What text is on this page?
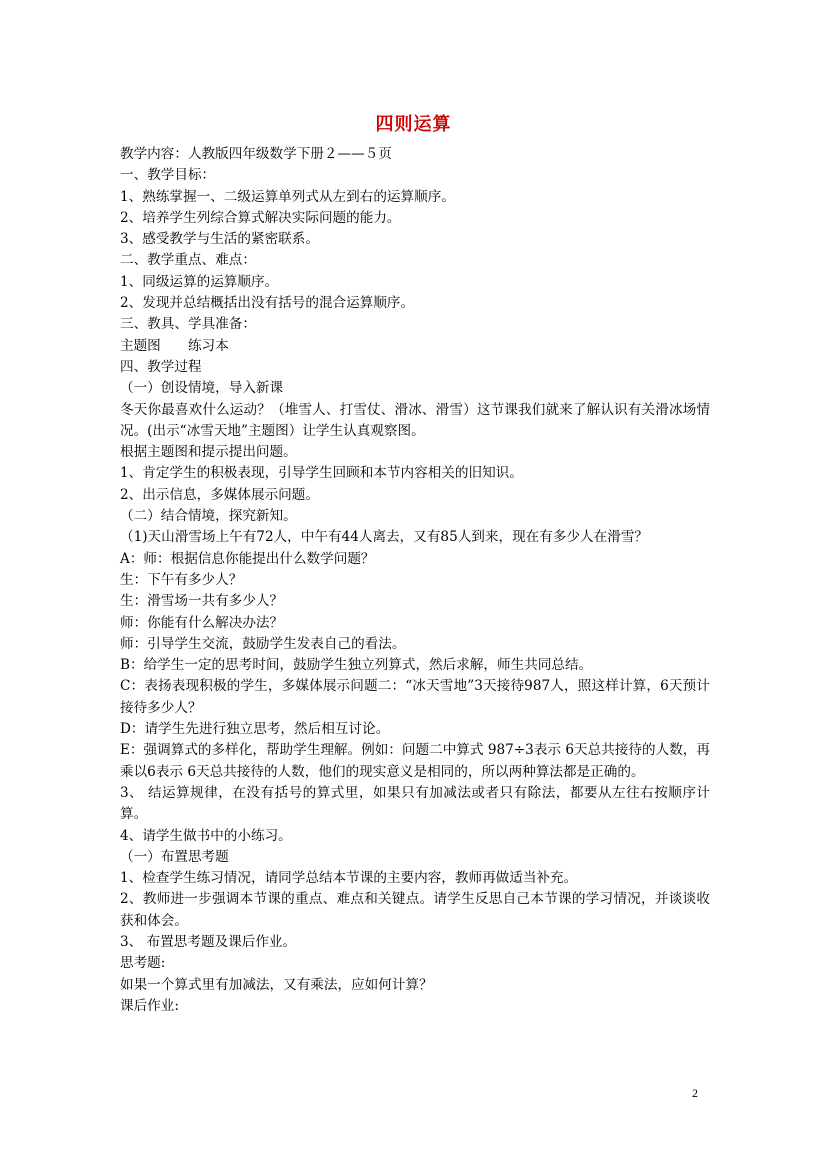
四则运算
教学内容：人教版四年级数学下册２——５页
一、教学目标：
1、熟练掌握一、二级运算单列式从左到右的运算顺序。
2、培养学生列综合算式解决实际问题的能力。
3、感受教学与生活的紧密联系。
二、教学重点、难点：
1、同级运算的运算顺序。
2、发现并总结概括出没有括号的混合运算顺序。
三、教具、学具准备：
主题图　　练习本
四、教学过程
（一）创设情境，导入新课
冬天你最喜欢什么运动？（堆雪人、打雪仗、滑冰、滑雪）这节课我们就来了解认识有关滑冰场情况。(出示“冰雪天地”主题图）让学生认真观察图。
根据主题图和提示提出问题。
1、肯定学生的积极表现，引导学生回顾和本节内容相关的旧知识。
2、出示信息，多媒体展示问题。
（二）结合情境，探究新知。
（1)天山滑雪场上午有72人，中午有44人离去，又有85人到来，现在有多少人在滑雪？
A：师：根据信息你能提出什么数学问题？
生：下午有多少人？
生：滑雪场一共有多少人？
师：你能有什么解决办法？
师：引导学生交流，鼓励学生发表自己的看法。
B：给学生一定的思考时间，鼓励学生独立列算式，然后求解，师生共同总结。
C：表扬表现积极的学生，多媒体展示问题二：“冰天雪地”3天接待987人，照这样计算，6天预计接待多少人？
D：请学生先进行独立思考，然后相互讨论。
E：强调算式的多样化，帮助学生理解。例如：问题二中算式 987÷3表示 6天总共接待的人数，再乘以6表示 6天总共接待的人数，他们的现实意义是相同的，所以两种算法都是正确的。
3、 结运算规律，在没有括号的算式里，如果只有加减法或者只有除法，都要从左往右按顺序计算。
4、请学生做书中的小练习。
（一）布置思考题
1、检查学生练习情况，请同学总结本节课的主要内容，教师再做适当补充。
2、教师进一步强调本节课的重点、难点和关键点。请学生反思自己本节课的学习情况，并谈谈收获和体会。
3、 布置思考题及课后作业。
思考题:
如果一个算式里有加减法，又有乘法，应如何计算？
课后作业:
2
